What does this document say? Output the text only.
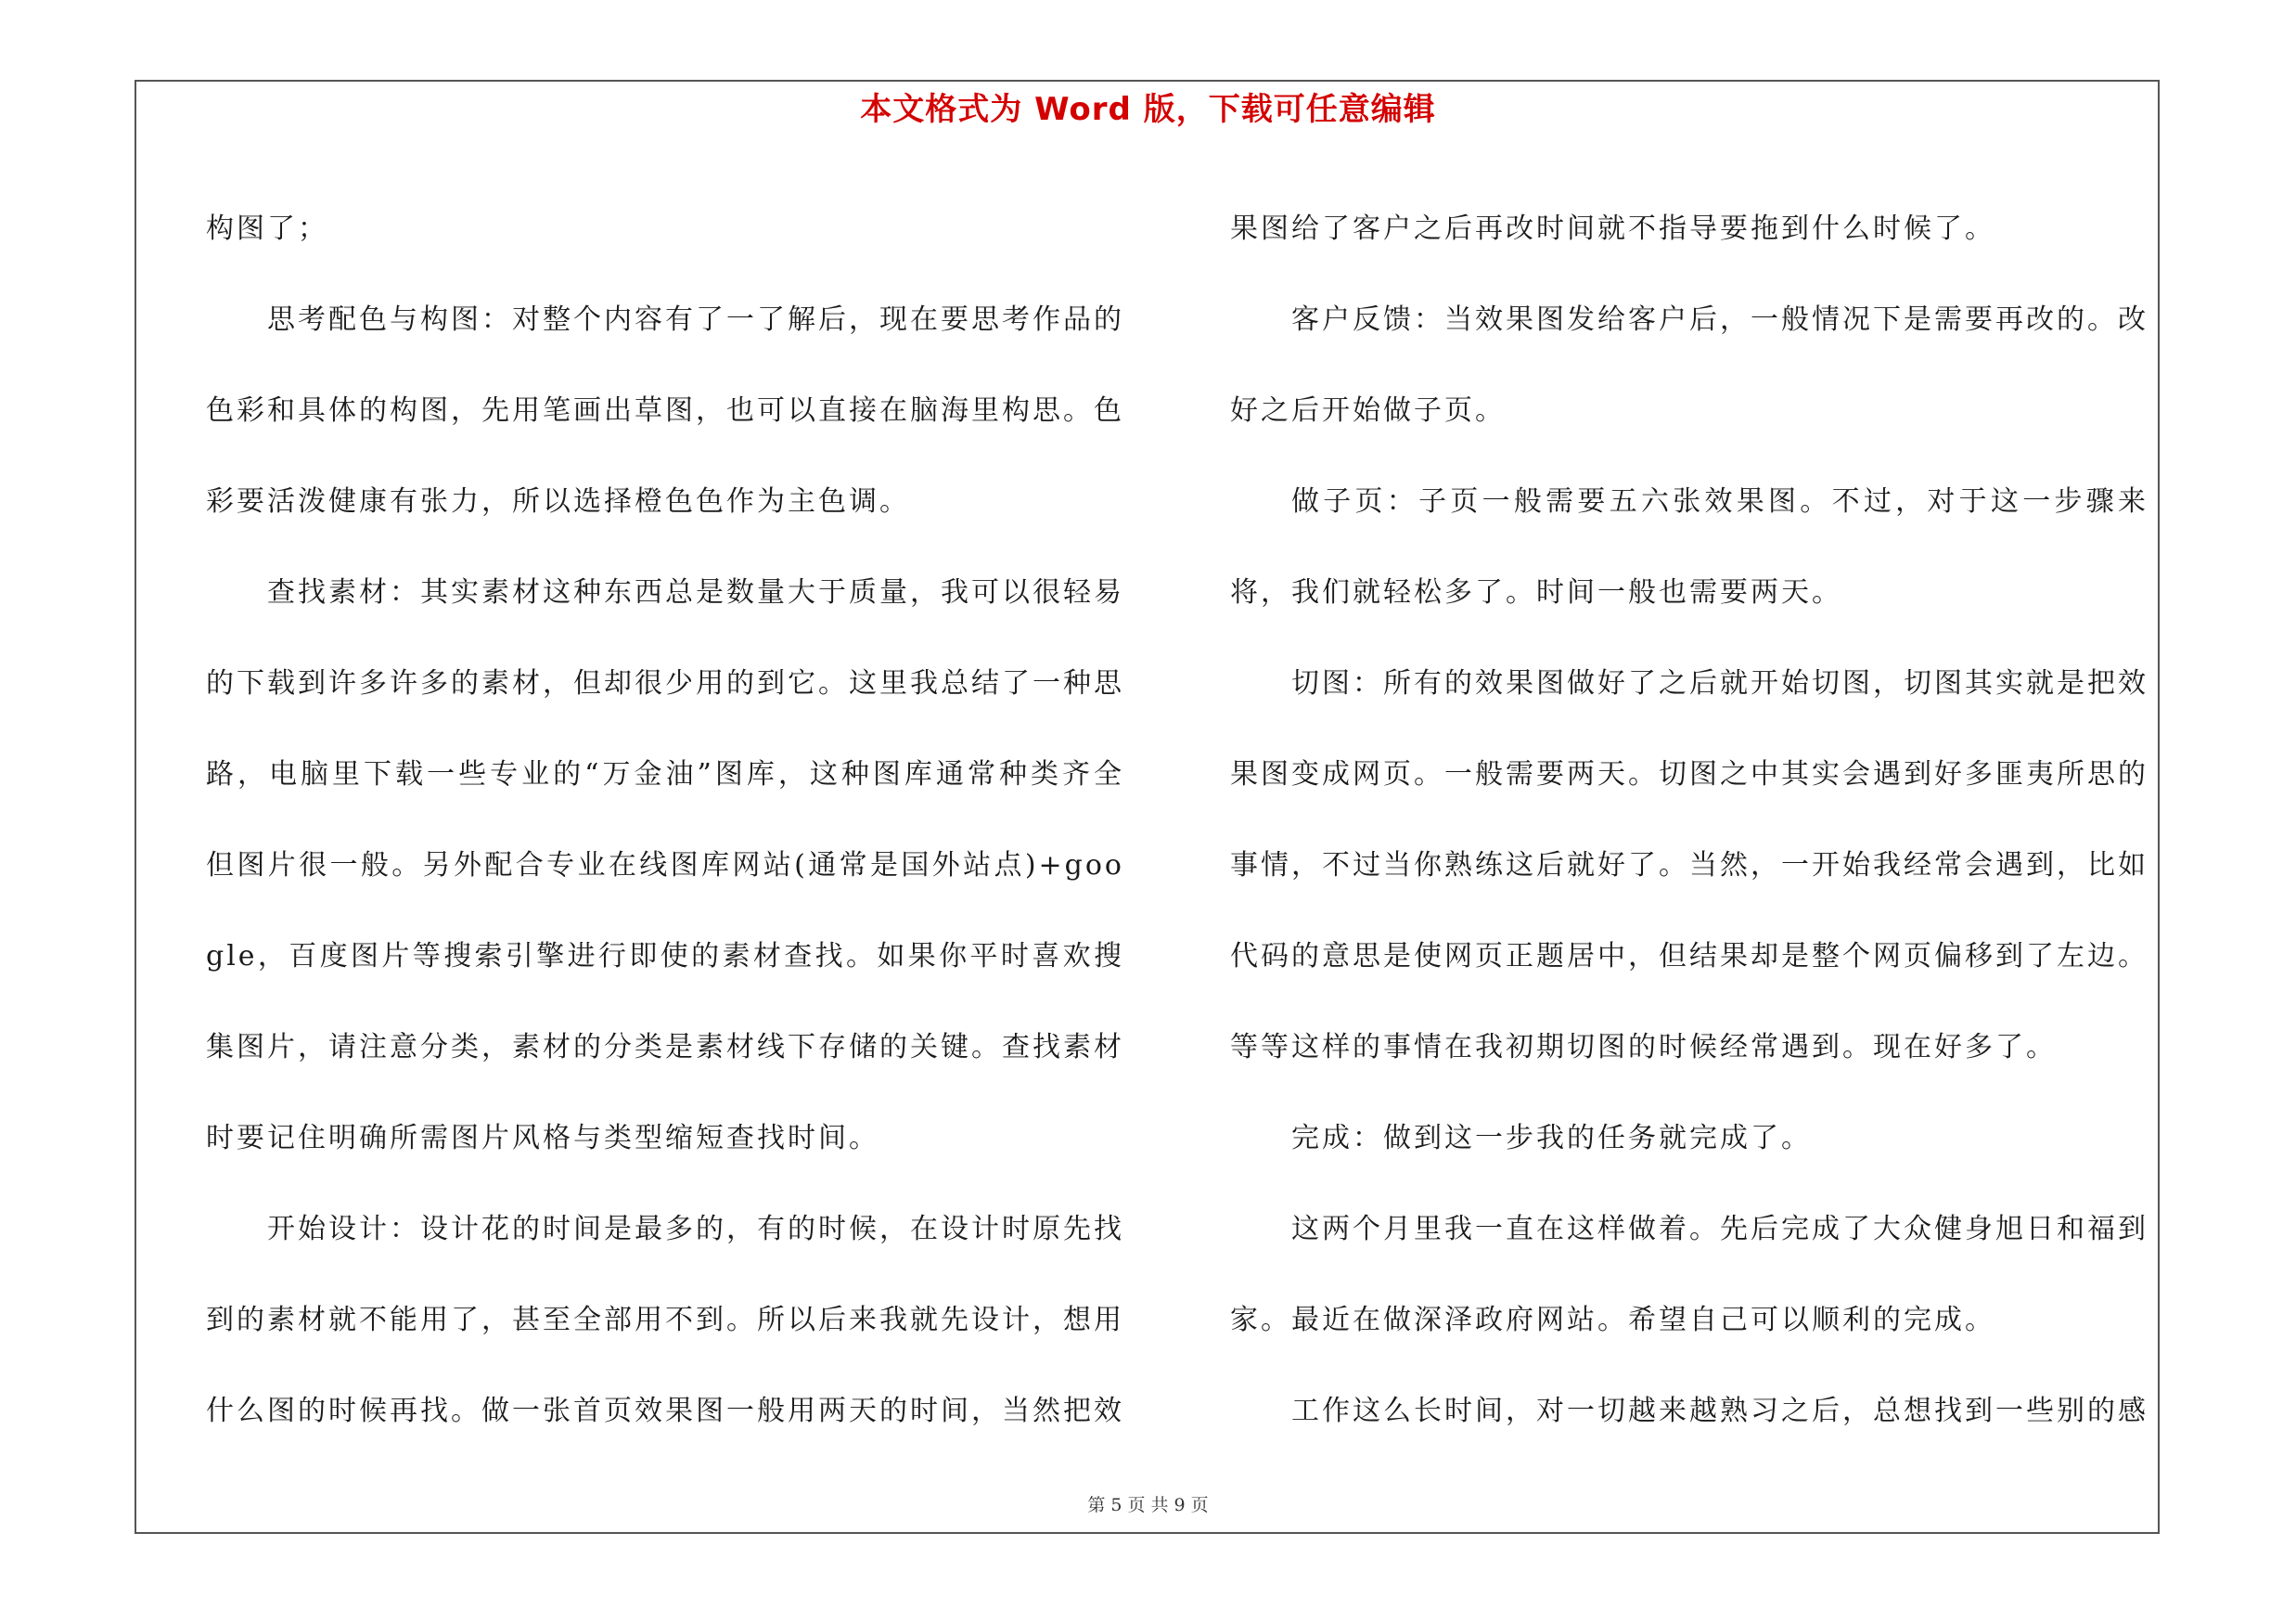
本文格式为 Word 版，下载可任意编辑

构图了；

思考配色与构图：对整个内容有了一了解后，现在要思考作品的色彩和具体的构图，先用笔画出草图，也可以直接在脑海里构思。色彩要活泼健康有张力，所以选择橙色色作为主色调。

查找素材：其实素材这种东西总是数量大于质量，我可以很轻易的下载到许多许多的素材，但却很少用的到它。这里我总结了一种思路，电脑里下载一些专业的“万金油”图库，这种图库通常种类齐全但图片很一般。另外配合专业在线图库网站(通常是国外站点)+google，百度图片等搜索引擎进行即使的素材查找。如果你平时喜欢搜集图片，请注意分类，素材的分类是素材线下存储的关键。查找素材时要记住明确所需图片风格与类型缩短查找时间。

开始设计：设计花的时间是最多的，有的时候，在设计时原先找到的素材就不能用了，甚至全部用不到。所以后来我就先设计，想用什么图的时候再找。做一张首页效果图一般用两天的时间，当然把效

果图给了客户之后再改时间就不指导要拖到什么时候了。

客户反馈：当效果图发给客户后，一般情况下是需要再改的。改好之后开始做子页。

做子页：子页一般需要五六张效果图。不过，对于这一步骤来将，我们就轻松多了。时间一般也需要两天。

切图：所有的效果图做好了之后就开始切图，切图其实就是把效果图变成网页。一般需要两天。切图之中其实会遇到好多匪夷所思的事情，不过当你熟练这后就好了。当然，一开始我经常会遇到，比如代码的意思是使网页正题居中，但结果却是整个网页偏移到了左边。等等这样的事情在我初期切图的时候经常遇到。现在好多了。

完成：做到这一步我的任务就完成了。

这两个月里我一直在这样做着。先后完成了大众健身旭日和福到家。最近在做深泽政府网站。希望自己可以顺利的完成。

工作这么长时间，对一切越来越熟习之后，总想找到一些别的感

第 5 页 共 9 页
